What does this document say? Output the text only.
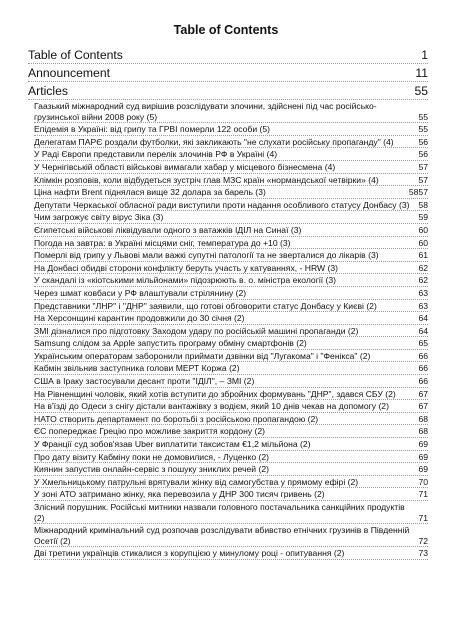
Table of Contents
Table of Contents	1
Announcement	11
Articles	55
Гаазький міжнародний суд вирішив розслідувати злочини, здійснені під час російсько-грузинської війни 2008 року (5)	55
Епідемія в Україні: від грипу та ГРВІ померли 122 особи (5)	55
Делегатам ПАРЄ роздали футболки, які закликають "не слухати російську пропаганду" (4)	56
У Раді Європи представили перелік злочинів РФ в Україні (4)	56
У Чернігівській області військові вимагали хабар у місцевого бізнесмена (4)	57
Клімкін розповів, коли відбудеться зустріч глав МЗС країн «нормандської четвірки» (4)	57
Ціна нафти Brent піднялася вище 32 долара за барель (3)	5857
Депутати Черкаської обласної ради виступили проти надання особливого статусу Донбасу (3)	58
Чим загрожує світу вірус Зіка (3)	59
Єгипетські військові ліквідували одного з ватажків ІДІЛ на Синаї (3)	60
Погода на завтра: в Україні місцями сніг, температура до +10 (3)	60
Померлі від грипу у Львові мали важкі супутні патології та не зверталися до лікарів (3)	61
На Донбасі обидві сторони конфлікту беруть участь у катуваннях, - HRW (3)	62
У скандалі із «кіотськими мільйонами» підозрюють в. о. міністра екології (3)	62
Через шмат ковбаси у РФ влаштували стрілянину (2)	63
Представники "ЛНР" і "ДНР" заявили, що готові обговорити статус Донбасу у Києві (2)	63
На Херсонщині карантин продовжили до 30 січня (2)	64
ЗМІ дізналися про підготовку Заходом удару по російській машині пропаганди (2)	64
Samsung слідом за Apple запустить програму обміну смартфонів (2)	65
Українським операторам заборонили приймати дзвінки від "Лугакома" і "Фенікса" (2)	66
Кабмін звільнив заступника голови МЕРТ Коржа (2)	66
США в Іраку застосували десант проти "ІДІЛ", – ЗМІ (2)	66
На Рівненщині чоловік, який хотів вступити до збройних формувань "ДНР", здався СБУ (2)	67
На в'їзді до Одеси з снігу дістали вантажівку з водієм, який 10 днів чекав на допомогу (2)	67
НАТО створить департамент по боротьбі з російською пропагандою (2)	68
ЄС попереджає Грецію про можливе закриття кордону (2)	68
У Франції суд зобов'язав Uber виплатити таксистам €1,2 мільйона (2)	69
Про дату візиту Кабміну поки не домовилися, - Луценко (2)	69
Киянин запустив онлайн-сервіс з пошуку зниклих речей (2)	69
У Хмельницькому патрульні врятували жінку від самогубства у прямому ефірі (2)	70
У зоні АТО затримано жінку, яка перевозила у ДНР 300 тисяч гривень (2)	71
Злісний порушник. Російські митники назвали головного постачальника санкційних продуктів (2)	71
Міжнародний кримінальний суд розпочав розслідувати вбивство етнічних грузинів в Південній Осетії (2)	72
Дві третини українців стикалися з корупцією у минулому році - опитування (2)	73
